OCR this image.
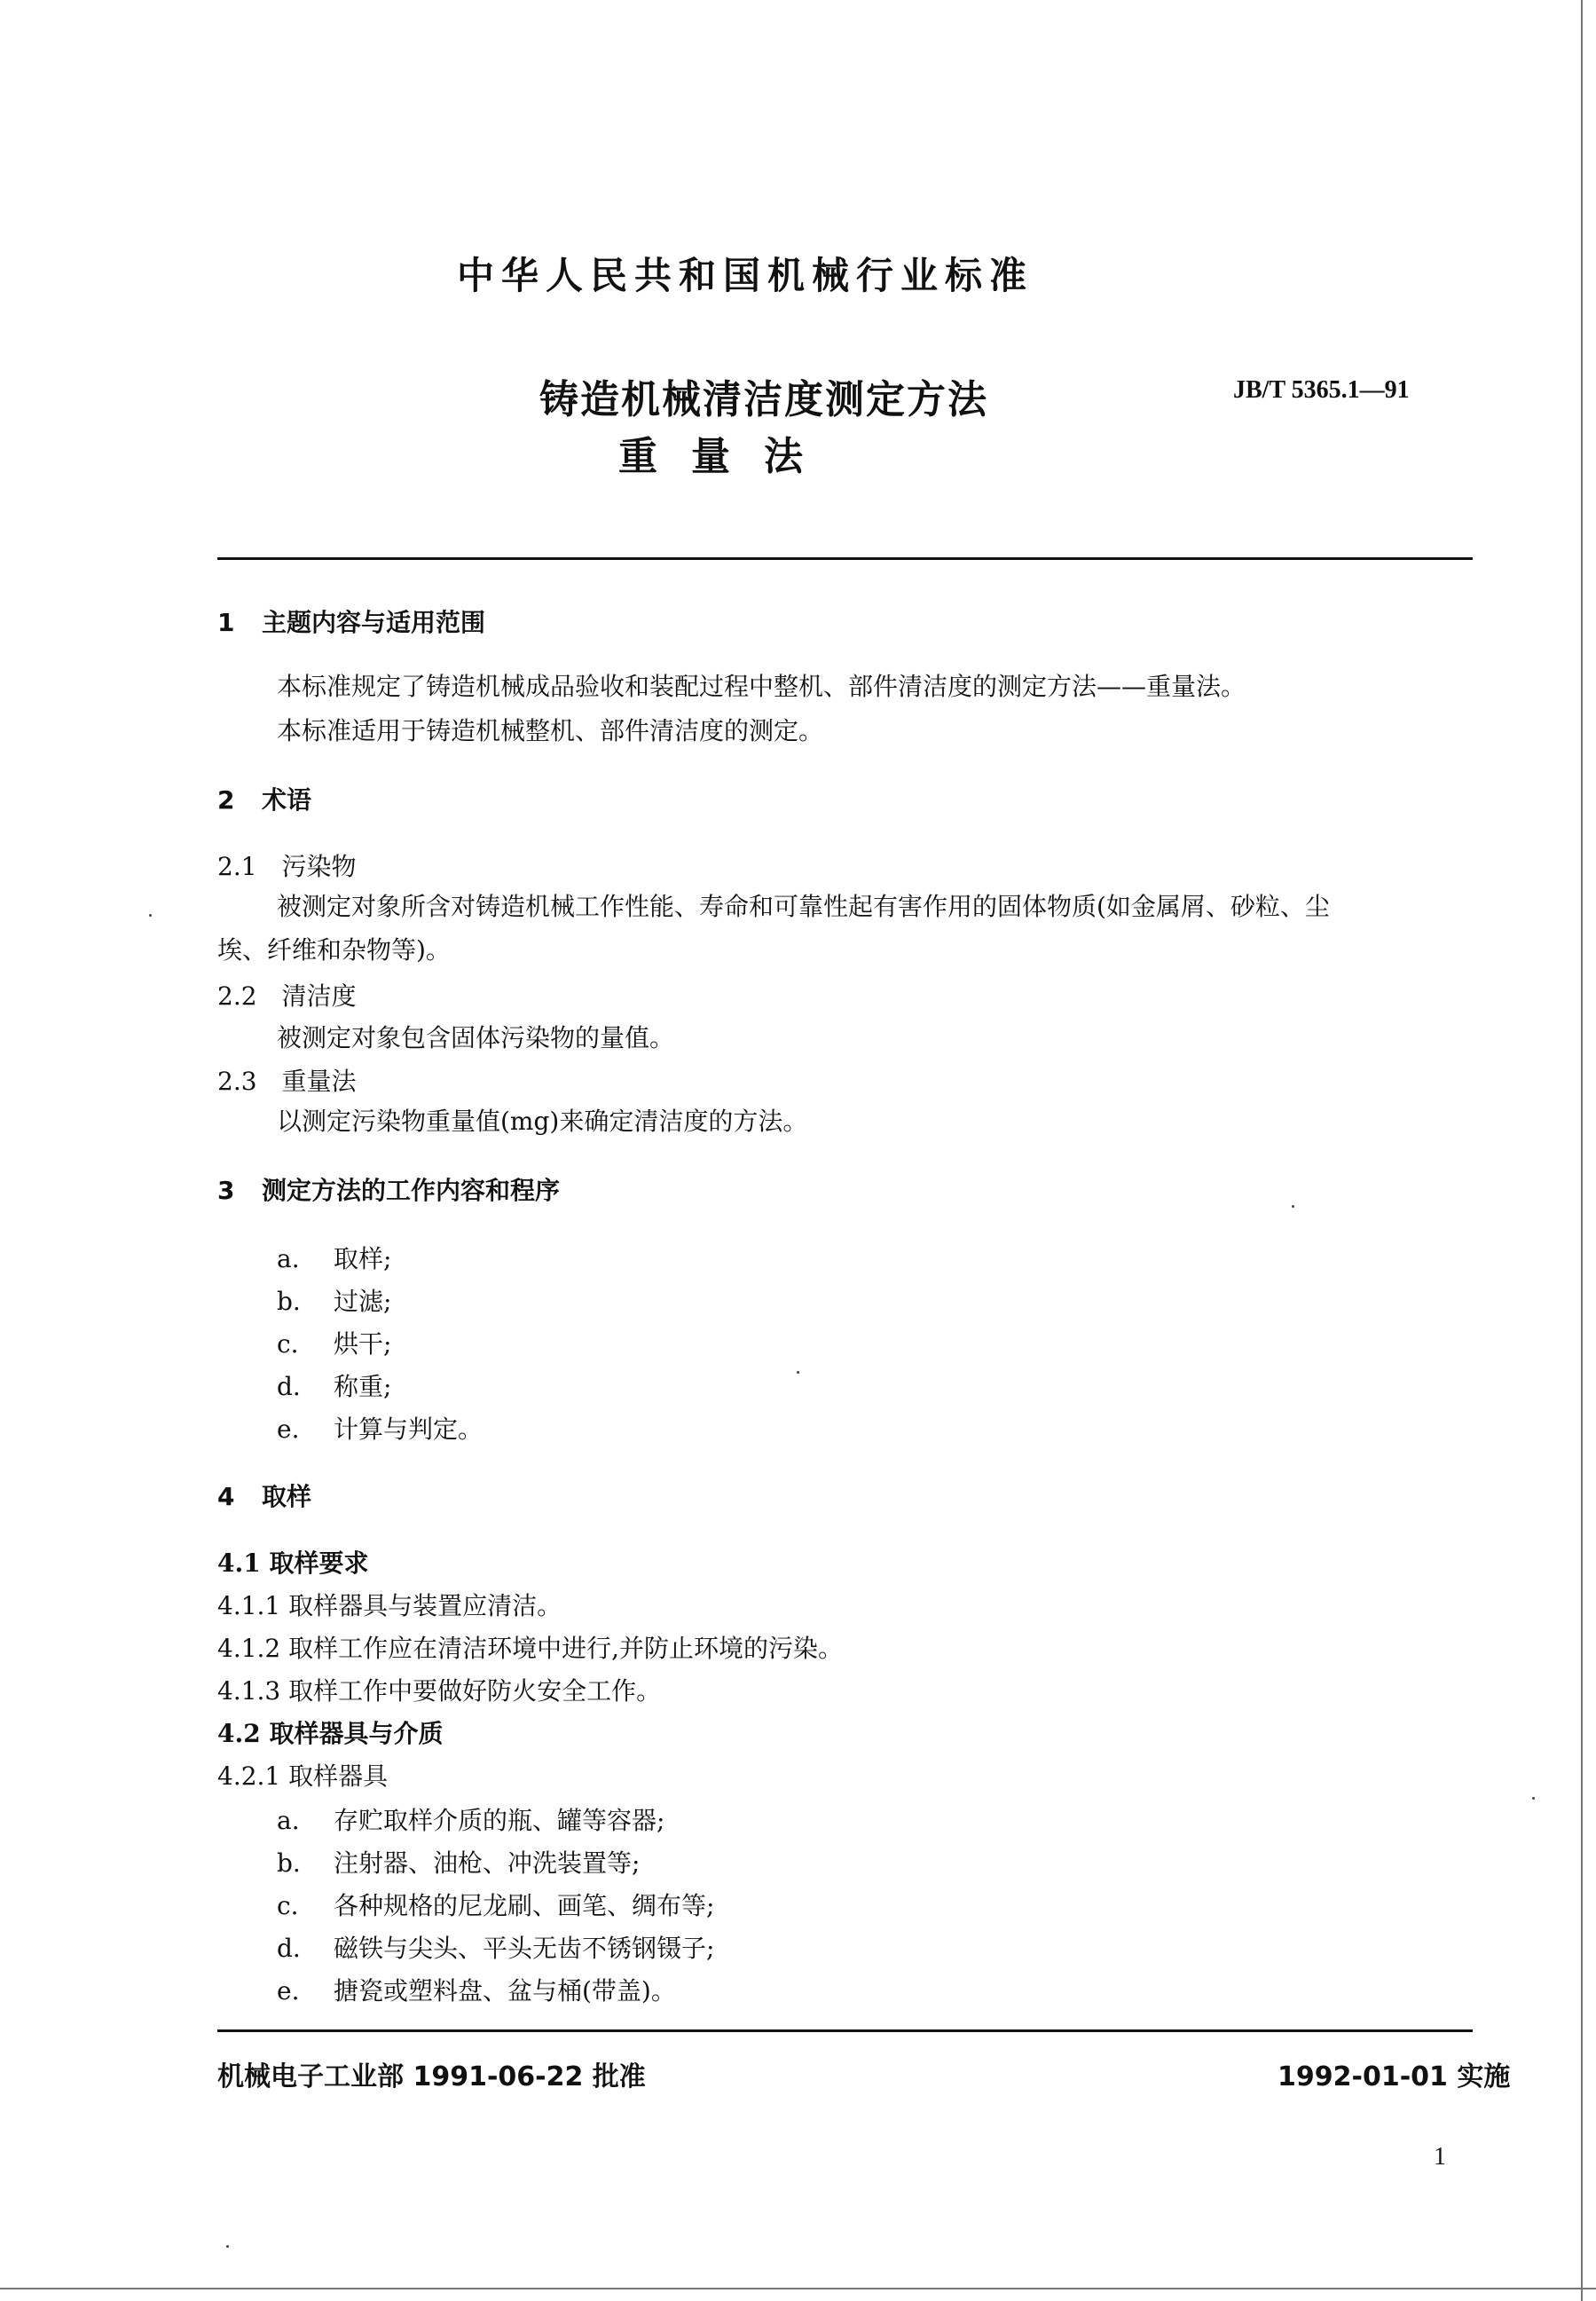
中华人民共和国机械行业标准
铸造机械清洁度测定方法
重量法
JB/T 5365.1—91
1 主题内容与适用范围
本标准规定了铸造机械成品验收和装配过程中整机、部件清洁度的测定方法——重量法。
本标准适用于铸造机械整机、部件清洁度的测定。
2 术语
2.1 污染物
被测定对象所含对铸造机械工作性能、寿命和可靠性起有害作用的固体物质(如金属屑、砂粒、尘
埃、纤维和杂物等)。
2.2 清洁度
被测定对象包含固体污染物的量值。
2.3 重量法
以测定污染物重量值(mg)来确定清洁度的方法。
3 测定方法的工作内容和程序
a. 取样;
b. 过滤;
c. 烘干;
d. 称重;
e. 计算与判定。
4 取样
4.1 取样要求
4.1.1 取样器具与装置应清洁。
4.1.2 取样工作应在清洁环境中进行,并防止环境的污染。
4.1.3 取样工作中要做好防火安全工作。
4.2 取样器具与介质
4.2.1 取样器具
a. 存贮取样介质的瓶、罐等容器;
b. 注射器、油枪、冲洗装置等;
c. 各种规格的尼龙刷、画笔、绸布等;
d. 磁铁与尖头、平头无齿不锈钢镊子;
e. 搪瓷或塑料盘、盆与桶(带盖)。
机械电子工业部 1991-06-22 批准	1992-01-01 实施
1
